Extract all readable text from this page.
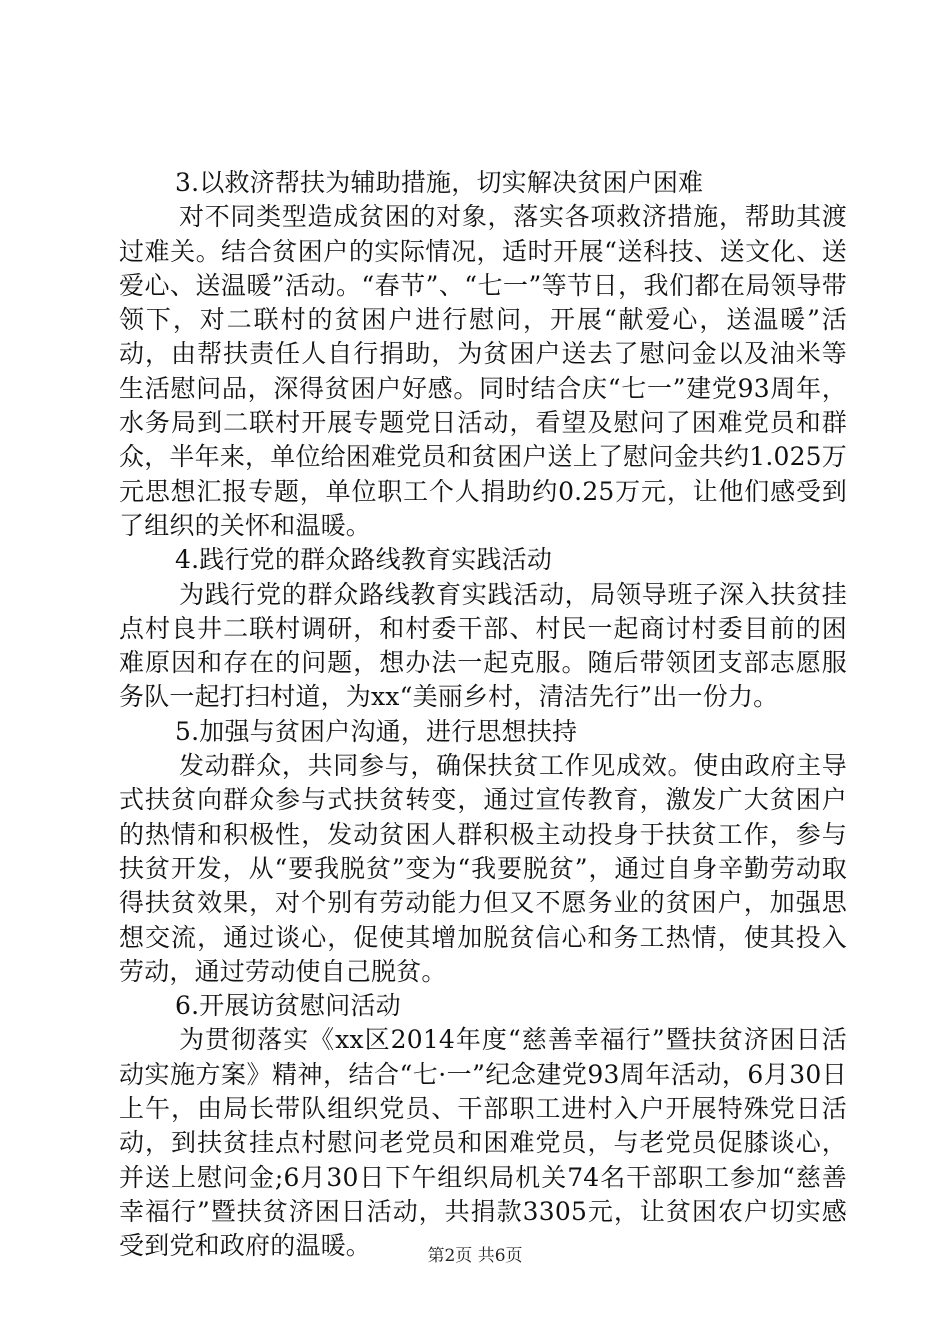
3.以救济帮扶为辅助措施，切实解决贫困户困难

对不同类型造成贫困的对象，落实各项救济措施，帮助其渡过难关。结合贫困户的实际情况，适时开展“送科技、送文化、送爱心、送温暖”活动。“春节”、“七一”等节日，我们都在局领导带领下，对二联村的贫困户进行慰问，开展“献爱心，送温暖”活动，由帮扶责任人自行捐助，为贫困户送去了慰问金以及油米等生活慰问品，深得贫困户好感。同时结合庆“七一”建党93周年，水务局到二联村开展专题党日活动，看望及慰问了困难党员和群众，半年来，单位给困难党员和贫困户送上了慰问金共约1.025万元思想汇报专题，单位职工个人捐助约0.25万元，让他们感受到了组织的关怀和温暖。

4.践行党的群众路线教育实践活动

为践行党的群众路线教育实践活动，局领导班子深入扶贫挂点村良井二联村调研，和村委干部、村民一起商讨村委目前的困难原因和存在的问题，想办法一起克服。随后带领团支部志愿服务队一起打扫村道，为xx“美丽乡村，清洁先行”出一份力。

5.加强与贫困户沟通，进行思想扶持

发动群众，共同参与，确保扶贫工作见成效。使由政府主导式扶贫向群众参与式扶贫转变，通过宣传教育，激发广大贫困户的热情和积极性，发动贫困人群积极主动投身于扶贫工作，参与扶贫开发，从“要我脱贫”变为“我要脱贫”，通过自身辛勤劳动取得扶贫效果，对个别有劳动能力但又不愿务业的贫困户，加强思想交流，通过谈心，促使其增加脱贫信心和务工热情，使其投入劳动，通过劳动使自己脱贫。

6.开展访贫慰问活动

为贯彻落实《xx区2014年度“慈善幸福行”暨扶贫济困日活动实施方案》精神，结合“七·一”纪念建党93周年活动，6月30日上午，由局长带队组织党员、干部职工进村入户开展特殊党日活动，到扶贫挂点村慰问老党员和困难党员，与老党员促膝谈心，并送上慰问金;6月30日下午组织局机关74名干部职工参加“慈善幸福行”暨扶贫济困日活动，共捐款3305元，让贫困农户切实感受到党和政府的温暖。	第2页 共6页
